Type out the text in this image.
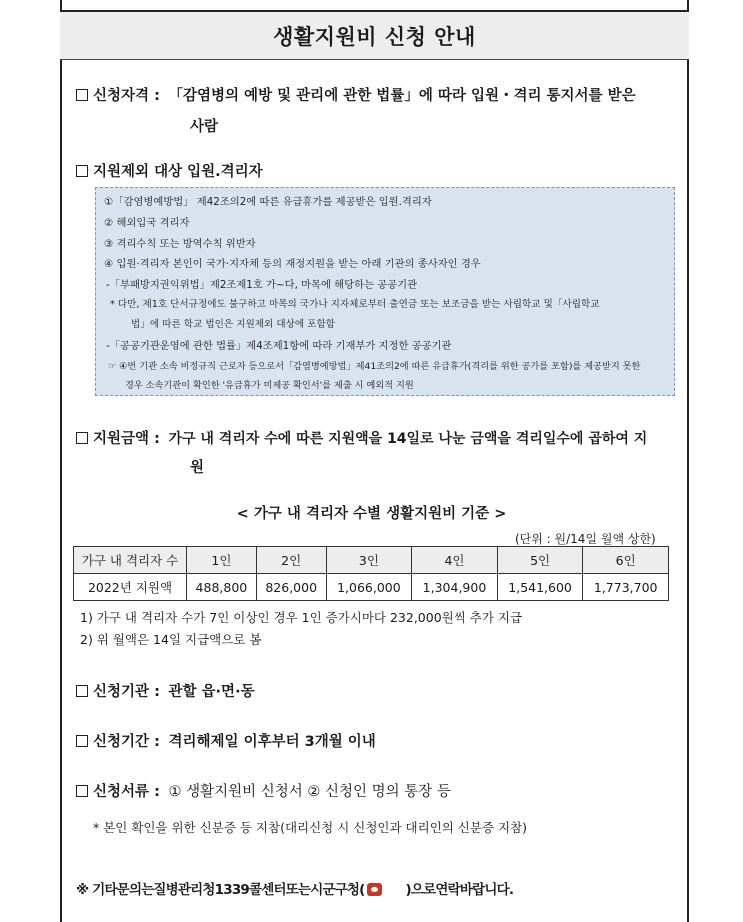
생활지원비 신청 안내
신청자격 : 「감염병의 예방 및 관리에 관한 법률」에 따라 입원・격리 통지서를 받은
사람
지원제외 대상 입원.격리자
①「감염병예방법」 제42조의2에 따른 유급휴가를 제공받은 입원.격리자
② 해외입국 격리자
③ 격리수칙 또는 방역수칙 위반자
④ 입원·격리자 본인이 국가·지자체 등의 재정지원을 받는 아래 기관의 종사자인 경우
-「부패방지권익위법」제2조제1호 가~다, 마목에 해당하는 공공기관
* 다만, 제1호 단서규정에도 불구하고 마목의 국가나 지자체로부터 출연금 또는 보조금을 받는 사립학교 및「사립학교
법」에 따른 학교 법인은 지원제외 대상에 포함함
-「공공기관운영에 관한 법률」제4조제1항에 따라 기재부가 지정한 공공기관
☞ ④번 기관 소속 비정규직 근로자 등으로서「감염병예방법」제41조의2에 따른 유급휴가(격리를 위한 공가를 포함)를 제공받지 못한
경우 소속기관이 확인한 '유급휴가 미제공 확인서'를 제출 시 예외적 지원
지원금액 : 가구 내 격리자 수에 따른 지원액을 14일로 나눈 금액을 격리일수에 곱하여 지
원
< 가구 내 격리자 수별 생활지원비 기준 >
(단위 : 원/14일 월액 상한)
가구 내 격리자 수	1인	2인	3인	4인	5인	6인
2022년 지원액	488,800	826,000	1,066,000	1,304,900	1,541,600	1,773,700
1) 가구 내 격리자 수가 7인 이상인 경우 1인 증가시마다 232,000원씩 추가 지급
2) 위 월액은 14일 지급액으로 봄
신청기관 : 관할 읍·면·동
신청기간 : 격리해제일 이후부터 3개월 이내
신청서류 : ① 생활지원비 신청서 ② 신청인 명의 통장 등
* 본인 확인을 위한 신분증 등 지참(대리신청 시 신청인과 대리인의 신분증 지참)
※ 기타문의는질병관리청1339콜센터또는시군구청(	)으로연락바랍니다.
